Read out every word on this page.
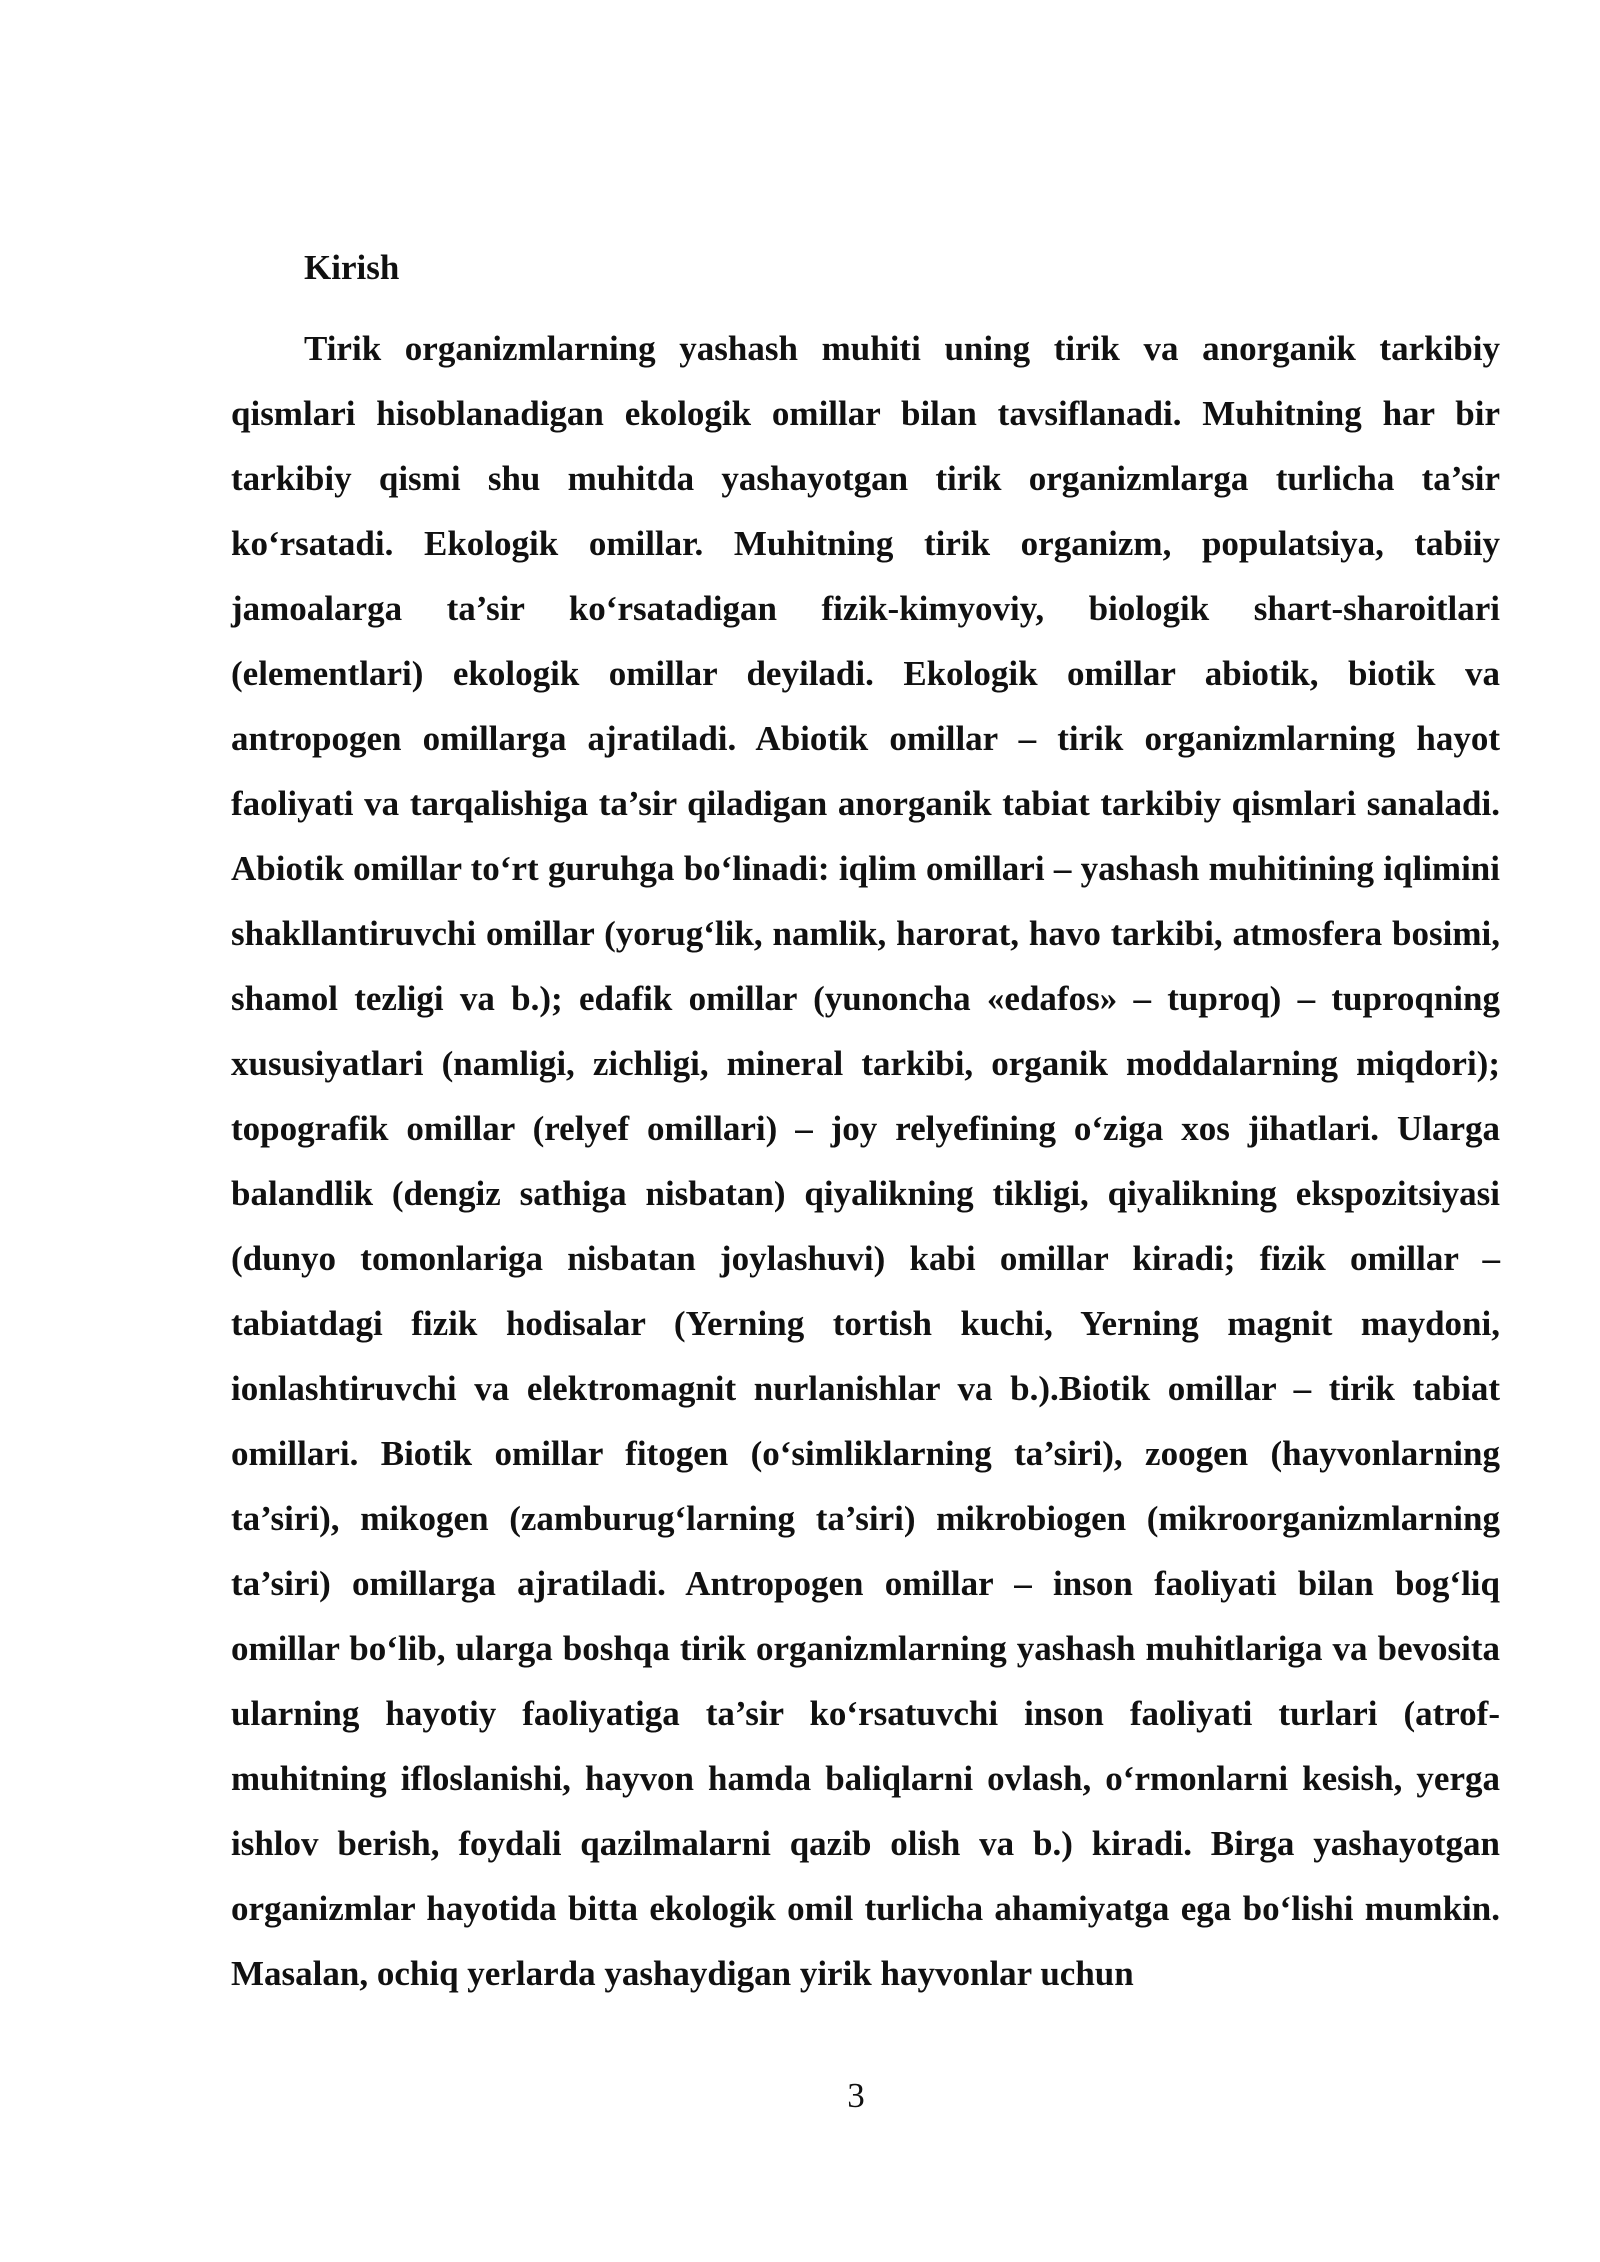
Kirish

Tirik organizmlarning yashash muhiti uning tirik va anorganik tarkibiy qismlari hisoblanadigan ekologik omillar bilan tavsiflanadi. Muhitning har bir tarkibiy qismi shu muhitda yashayotgan tirik organizmlarga turlicha ta’sir ko‘rsatadi. Ekologik omillar. Muhitning tirik organizm, populatsiya, tabiiy jamoalarga ta’sir ko‘rsatadigan fizik-kimyoviy, biologik shart-sharoitlari (elementlari) ekologik omillar deyiladi. Ekologik omillar abiotik, biotik va antropogen omillarga ajratiladi. Abiotik omillar – tirik organizmlarning hayot faoliyati va tarqalishiga ta’sir qiladigan anorganik tabiat tarkibiy qismlari sanaladi. Abiotik omillar to‘rt guruhga bo‘linadi: iqlim omillari – yashash muhitining iqlimini shakllantiruvchi omillar (yorug‘lik, namlik, harorat, havo tarkibi, atmosfera bosimi, shamol tezligi va b.); edafik omillar (yunoncha «edafos» – tuproq) – tuproqning xususiyatlari (namligi, zichligi, mineral tarkibi, organik moddalarning miqdori); topografik omillar (relyef omillari) – joy relyefining o‘ziga xos jihatlari. Ularga balandlik (dengiz sathiga nisbatan) qiyalikning tikligi, qiyalikning ekspozitsiyasi (dunyo tomonlariga nisbatan joylashuvi) kabi omillar kiradi; fizik omillar – tabiatdagi fizik hodisalar (Yerning tortish kuchi, Yerning magnit maydoni, ionlashtiruvchi va elektromagnit nurlanishlar va b.).Biotik omillar – tirik tabiat omillari. Biotik omillar fitogen (o‘simliklarning ta’siri), zoogen (hayvonlarning ta’siri), mikogen (zamburug‘larning ta’siri) mikrobiogen (mikroorganizmlarning ta’siri) omillarga ajratiladi. Antropogen omillar – inson faoliyati bilan bog‘liq omillar bo‘lib, ularga boshqa tirik organizmlarning yashash muhitlariga va bevosita ularning hayotiy faoliyatiga ta’sir ko‘rsatuvchi inson faoliyati turlari (atrof-muhitning ifloslanishi, hayvon hamda baliqlarni ovlash, o‘rmonlarni kesish, yerga ishlov berish, foydali qazilmalarni qazib olish va b.) kiradi. Birga yashayotgan organizmlar hayotida bitta ekologik omil turlicha ahamiyatga ega bo‘lishi mumkin. Masalan, ochiq yerlarda yashaydigan yirik hayvonlar uchun

3
